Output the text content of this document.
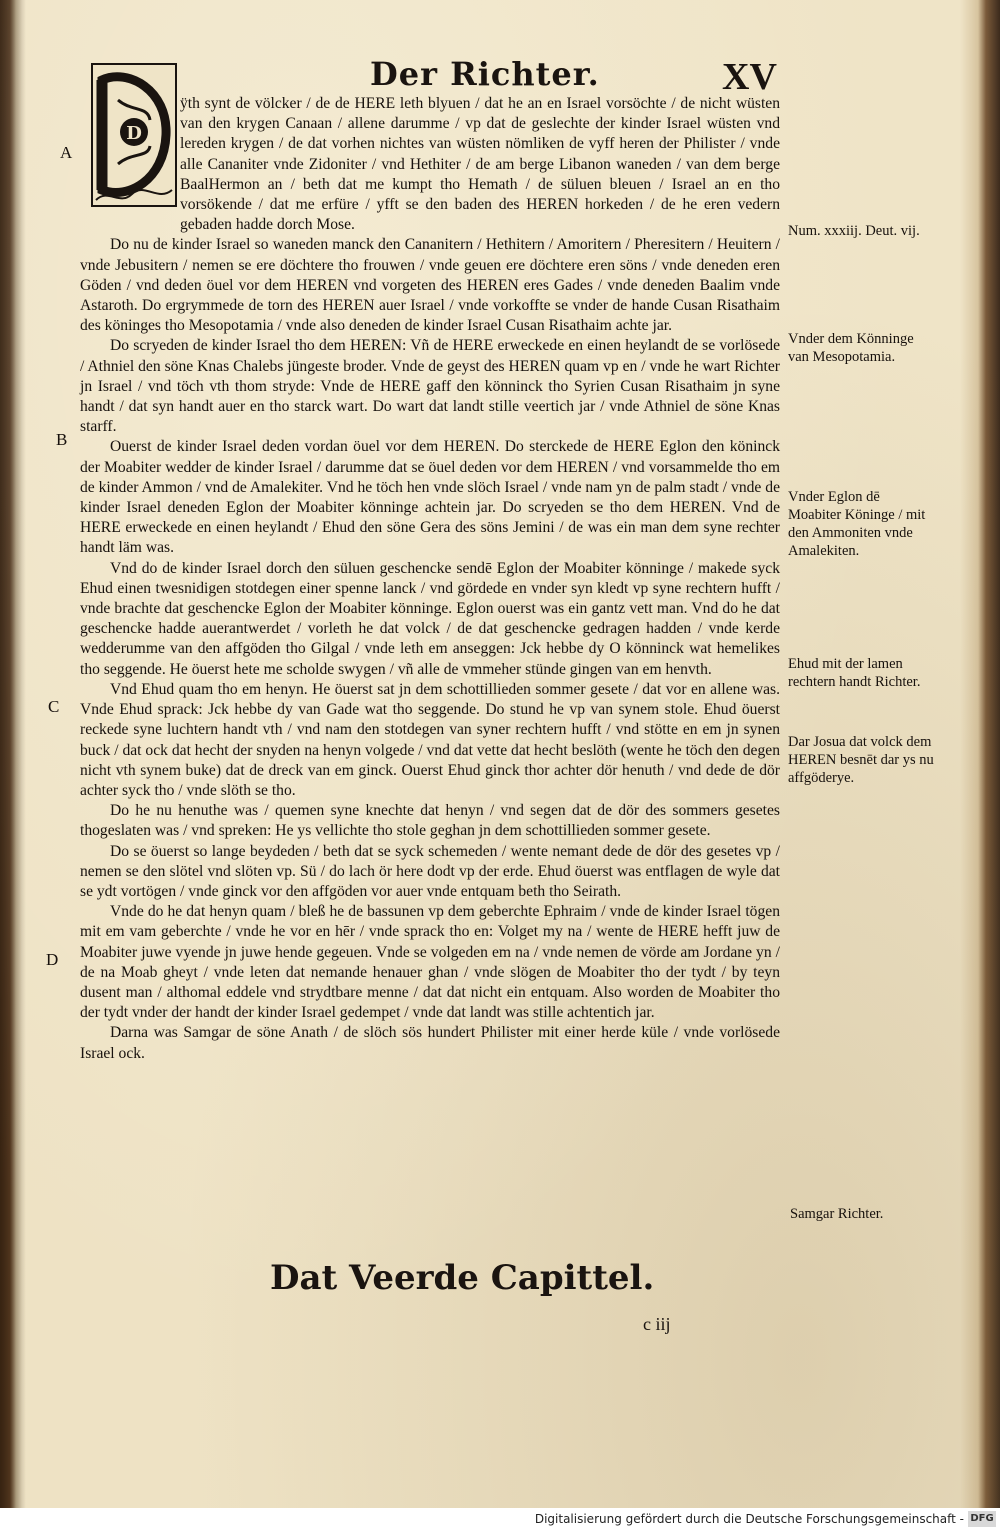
Der Richter.	XV
D

ÿth synt de völcker / de de HERE leth blyuen / dat he an en Israel vorsöchte / de nicht wüsten van den krygen Canaan / allene darumme / vp dat de geslechte der kinder Israel wüsten vnd lereden krygen / de dat vorhen nichtes van wüsten nömliken de vyff heren der Philister / vnde alle Cananiter vnde Zidoniter / vnd Hethiter / de am berge Libanon waneden / van dem berge BaalHermon an / beth dat me kumpt tho Hemath / de süluen bleuen / Israel an en tho vorsökende / dat me erfüre / yfft se den baden des HEREN horkeden / de he eren vedern gebaden hadde dorch Mose.

Do nu de kinder Israel so waneden manck den Cananitern / Hethitern / Amoritern / Pheresitern / Heuitern / vnde Jebusitern / nemen se ere döchtere tho frouwen / vnde geuen ere döchtere eren söns / vnde deneden eren Göden / vnd deden öuel vor dem HEREN vnd vorgeten des HEREN eres Gades / vnde deneden Baalim vnde Astaroth. Do ergrymmede de torn des HEREN auer Israel / vnde vorkoffte se vnder de hande Cusan Risathaim des köninges tho Mesopotamia / vnde also deneden de kinder Israel Cusan Risathaim achte jar.

Do scryeden de kinder Israel tho dem HEREN: Vñ de HERE erweckede en einen heylandt de se vorlösede / Athniel den söne Knas Chalebs jüngeste broder. Vnde de geyst des HEREN quam vp en / vnde he wart Richter jn Israel / vnd töch vth thom stryde: Vnde de HERE gaff den könninck tho Syrien Cusan Risathaim jn syne handt / dat syn handt auer en tho starck wart. Do wart dat landt stille veertich jar / vnde Athniel de söne Knas starff.

Ouerst de kinder Israel deden vordan öuel vor dem HEREN. Do sterckede de HERE Eglon den köninck der Moabiter wedder de kinder Israel / darumme dat se öuel deden vor dem HEREN / vnd vorsammelde tho em de kinder Ammon / vnd de Amalekiter. Vnd he töch hen vnde slöch Israel / vnde nam yn de palm stadt / vnde de kinder Israel deneden Eglon der Moabiter könninge achtein jar. Do scryeden se tho dem HEREN. Vnd de HERE erweckede en einen heylandt / Ehud den söne Gera des söns Jemini / de was ein man dem syne rechter handt läm was.

Vnd do de kinder Israel dorch den süluen geschencke sendē Eglon der Moabiter könninge / makede syck Ehud einen twesnidigen stotdegen einer spenne lanck / vnd gördede en vnder syn kledt vp syne rechtern hufft / vnde brachte dat geschencke Eglon der Moabiter könninge. Eglon ouerst was ein gantz vett man. Vnd do he dat geschencke hadde auerantwerdet / vorleth he dat volck / de dat geschencke gedragen hadden / vnde kerde wedderumme van den affgöden tho Gilgal / vnde leth em anseggen: Jck hebbe dy O könninck wat hemelikes tho seggende. He öuerst hete me scholde swygen / vñ alle de vmmeher stünde gingen van em henvth.

Vnd Ehud quam tho em henyn. He öuerst sat jn dem schottillieden sommer gesete / dat vor en allene was. Vnde Ehud sprack: Jck hebbe dy van Gade wat tho seggende. Do stund he vp van synem stole. Ehud öuerst reckede syne luchtern handt vth / vnd nam den stotdegen van syner rechtern hufft / vnd stötte en em jn synen buck / dat ock dat hecht der snyden na henyn volgede / vnd dat vette dat hecht beslöth (wente he töch den degen nicht vth synem buke) dat de dreck van em ginck. Ouerst Ehud ginck thor achter dör henuth / vnd dede de dör achter syck tho / vnde slöth se tho.

Do he nu henuthe was / quemen syne knechte dat henyn / vnd segen dat de dör des sommers gesetes thogeslaten was / vnd spreken: He ys vellichte tho stole geghan jn dem schottillieden sommer gesete.

Do se öuerst so lange beydeden / beth dat se syck schemeden / wente nemant dede de dör des gesetes vp / nemen se den slötel vnd slöten vp. Sü / do lach ör here dodt vp der erde. Ehud öuerst was entflagen de wyle dat se ydt vortögen / vnde ginck vor den affgöden vor auer vnde entquam beth tho Seirath.

Vnde do he dat henyn quam / bleß he de bassunen vp dem geberchte Ephraim / vnde de kinder Israel tögen mit em vam geberchte / vnde he vor en hēr / vnde sprack tho en: Volget my na / wente de HERE hefft juw de Moabiter juwe vyende jn juwe hende gegeuen. Vnde se volgeden em na / vnde nemen de vörde am Jordane yn / de na Moab gheyt / vnde leten dat nemande henauer ghan / vnde slögen de Moabiter tho der tydt / by teyn dusent man / althomal eddele vnd strydtbare menne / dat dat nicht ein entquam. Also worden de Moabiter tho der tydt vnder der handt der kinder Israel gedempet / vnde dat landt was stille achtentich jar.

Darna was Samgar de söne Anath / de slöch sös hundert Philister mit einer herde küle / vnde vorlösede Israel ock.

A
B
C
D
Num. xxxiij. Deut. vij.
Vnder dem Könninge van Mesopotamia.
Vnder Eglon dē Moabiter Köninge / mit den Ammoniten vnde Amalekiten.
Ehud mit der lamen rechtern handt Richter.
Dar Josua dat volck dem HEREN besnēt dar ys nu affgöderye.
Samgar Richter.
Dat Veerde Capittel.
c iij
Digitalisierung gefördert durch die Deutsche Forschungsgemeinschaft - DFG
